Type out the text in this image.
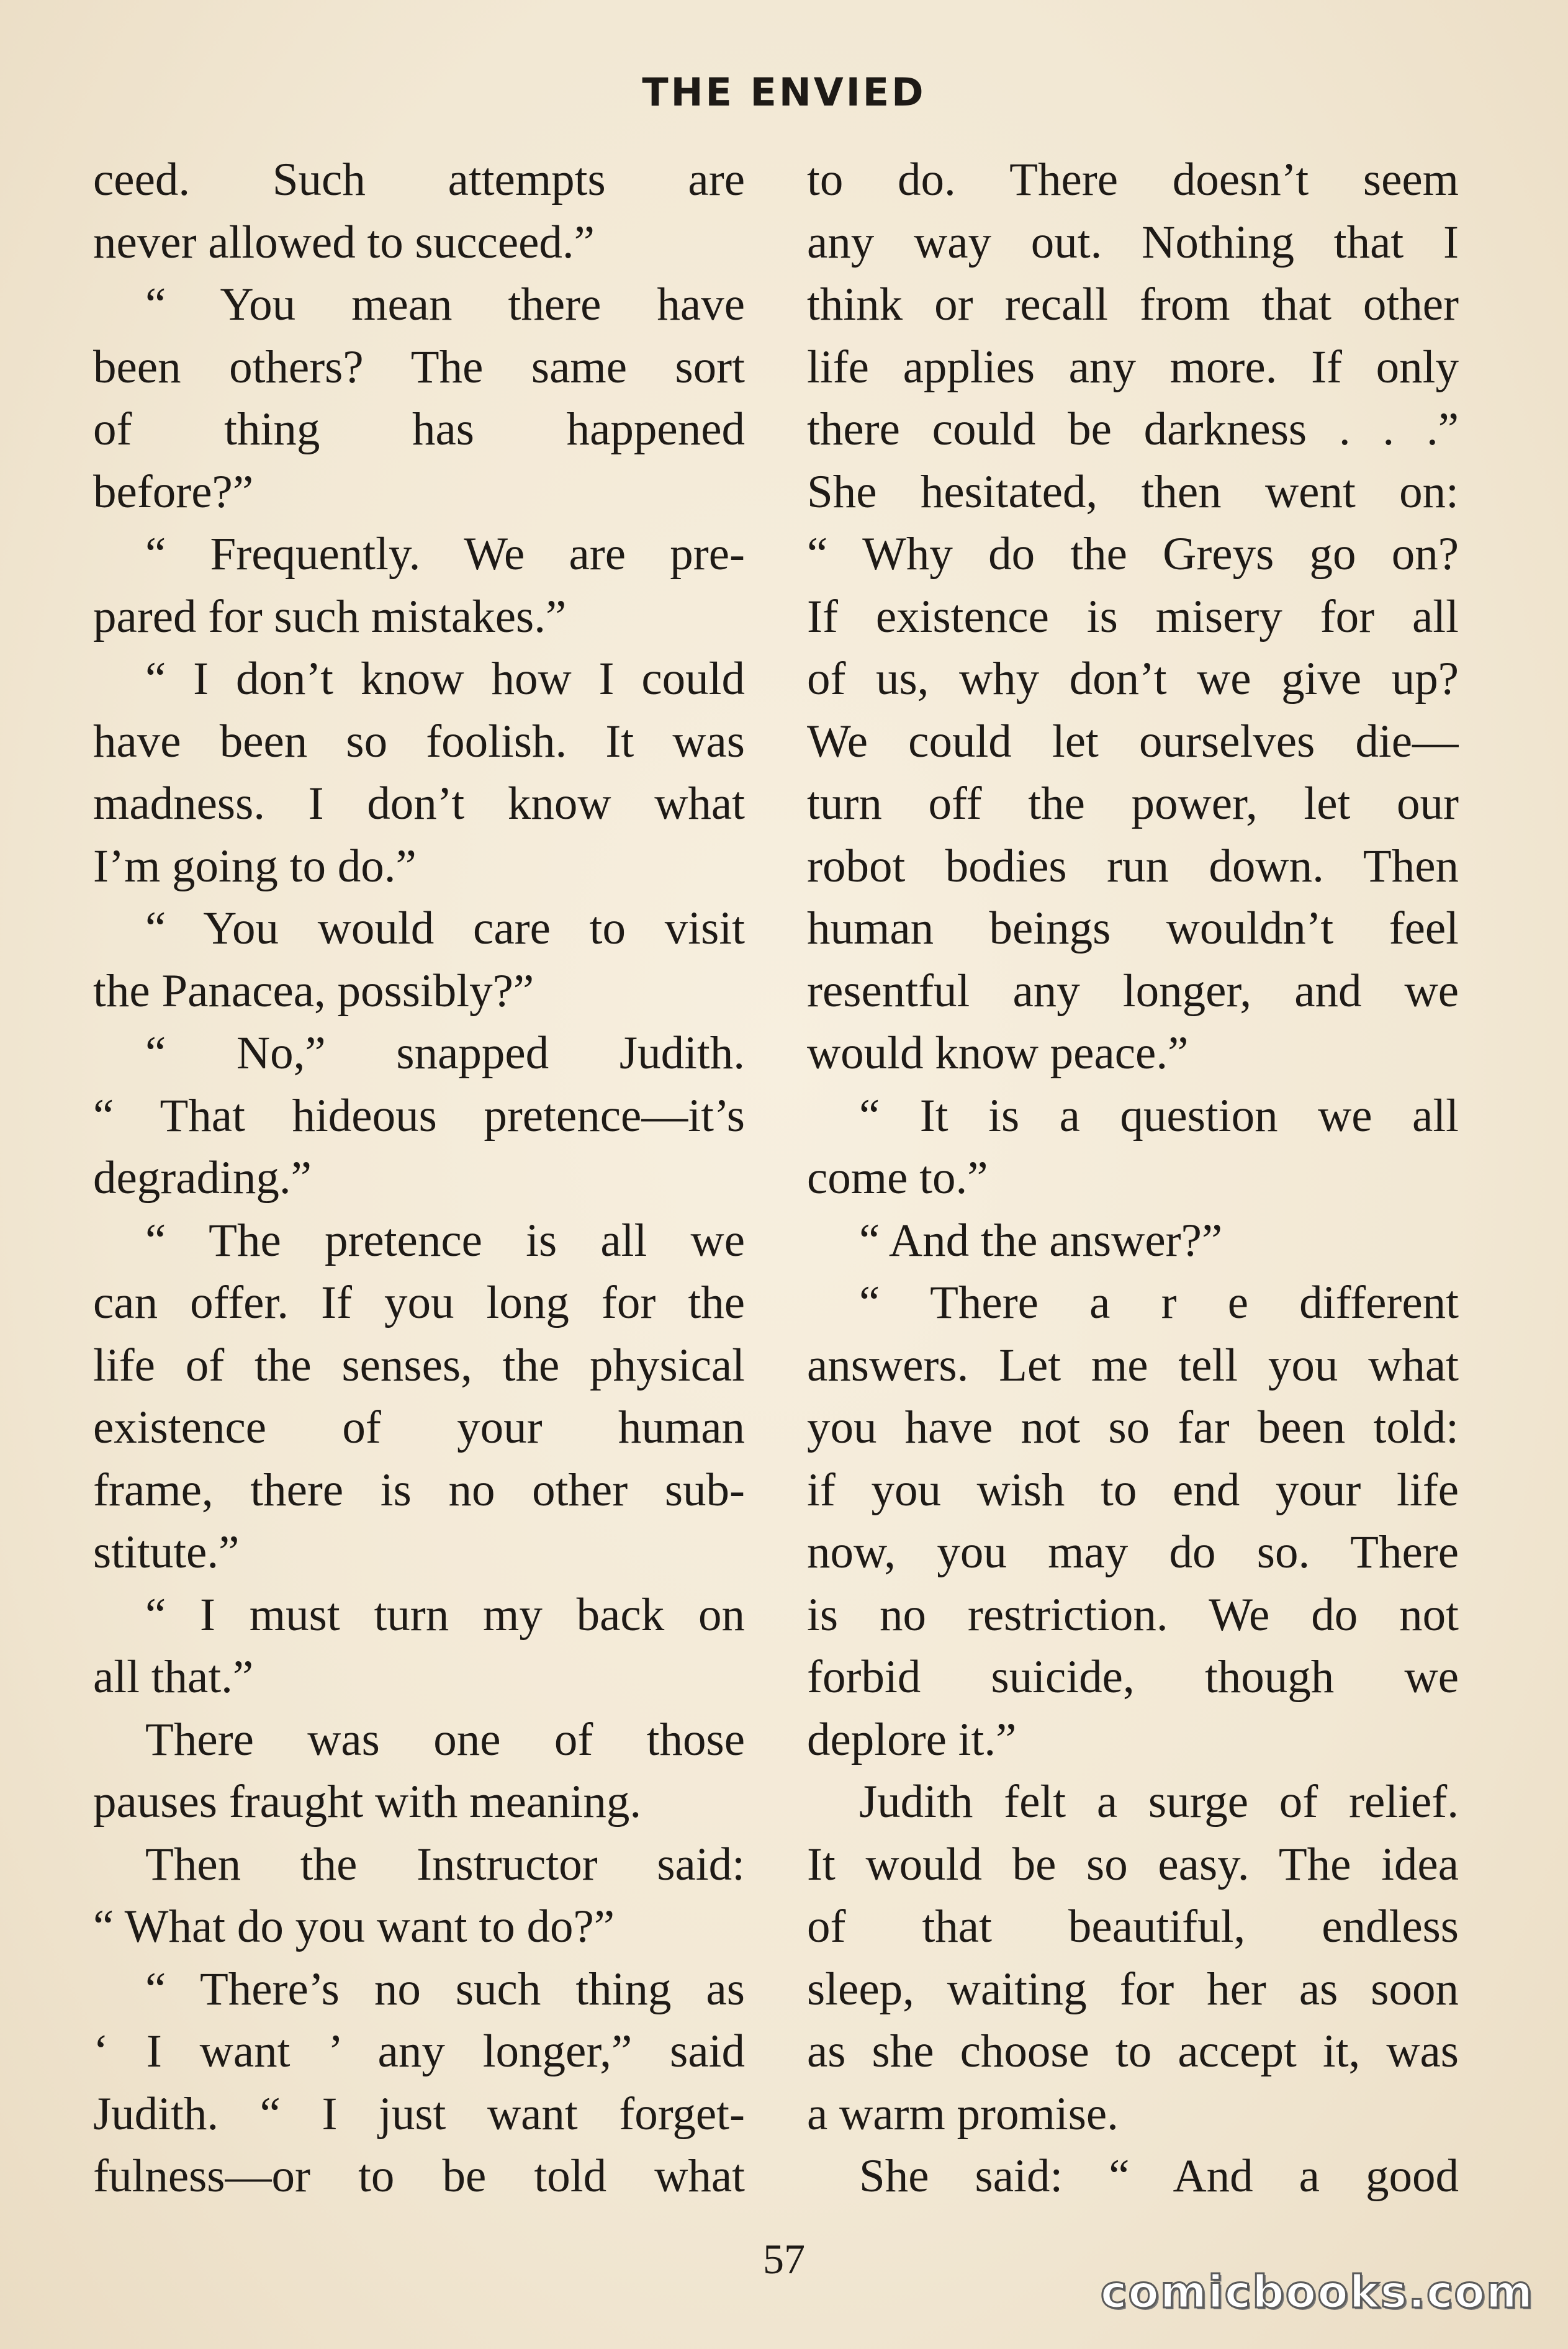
THE ENVIED
ceed. Such attempts are
never allowed to succeed.”
“ You mean there have
been others? The same sort
of thing has happened
before?”
“ Frequently. We are pre-
pared for such mistakes.”
“ I don’t know how I could
have been so foolish. It was
madness. I don’t know what
I’m going to do.”
“ You would care to visit
the Panacea, possibly?”
“ No,” snapped Judith.
“ That hideous pretence—it’s
degrading.”
“ The pretence is all we
can offer. If you long for the
life of the senses, the physical
existence of your human
frame, there is no other sub-
stitute.”
“ I must turn my back on
all that.”
There was one of those
pauses fraught with meaning.
Then the Instructor said:
“ What do you want to do?”
“ There’s no such thing as
‘ I want ’ any longer,” said
Judith. “ I just want forget-
fulness—or to be told what
to do. There doesn’t seem
any way out. Nothing that I
think or recall from that other
life applies any more. If only
there could be darkness . . .”
She hesitated, then went on:
“ Why do the Greys go on?
If existence is misery for all
of us, why don’t we give up?
We could let ourselves die—
turn off the power, let our
robot bodies run down. Then
human beings wouldn’t feel
resentful any longer, and we
would know peace.”
“ It is a question we all
come to.”
“ And the answer?”
“ There a r e different
answers. Let me tell you what
you have not so far been told:
if you wish to end your life
now, you may do so. There
is no restriction. We do not
forbid suicide, though we
deplore it.”
Judith felt a surge of relief.
It would be so easy. The idea
of that beautiful, endless
sleep, waiting for her as soon
as she choose to accept it, was
a warm promise.
She said: “ And a good
57
comicbooks.com
